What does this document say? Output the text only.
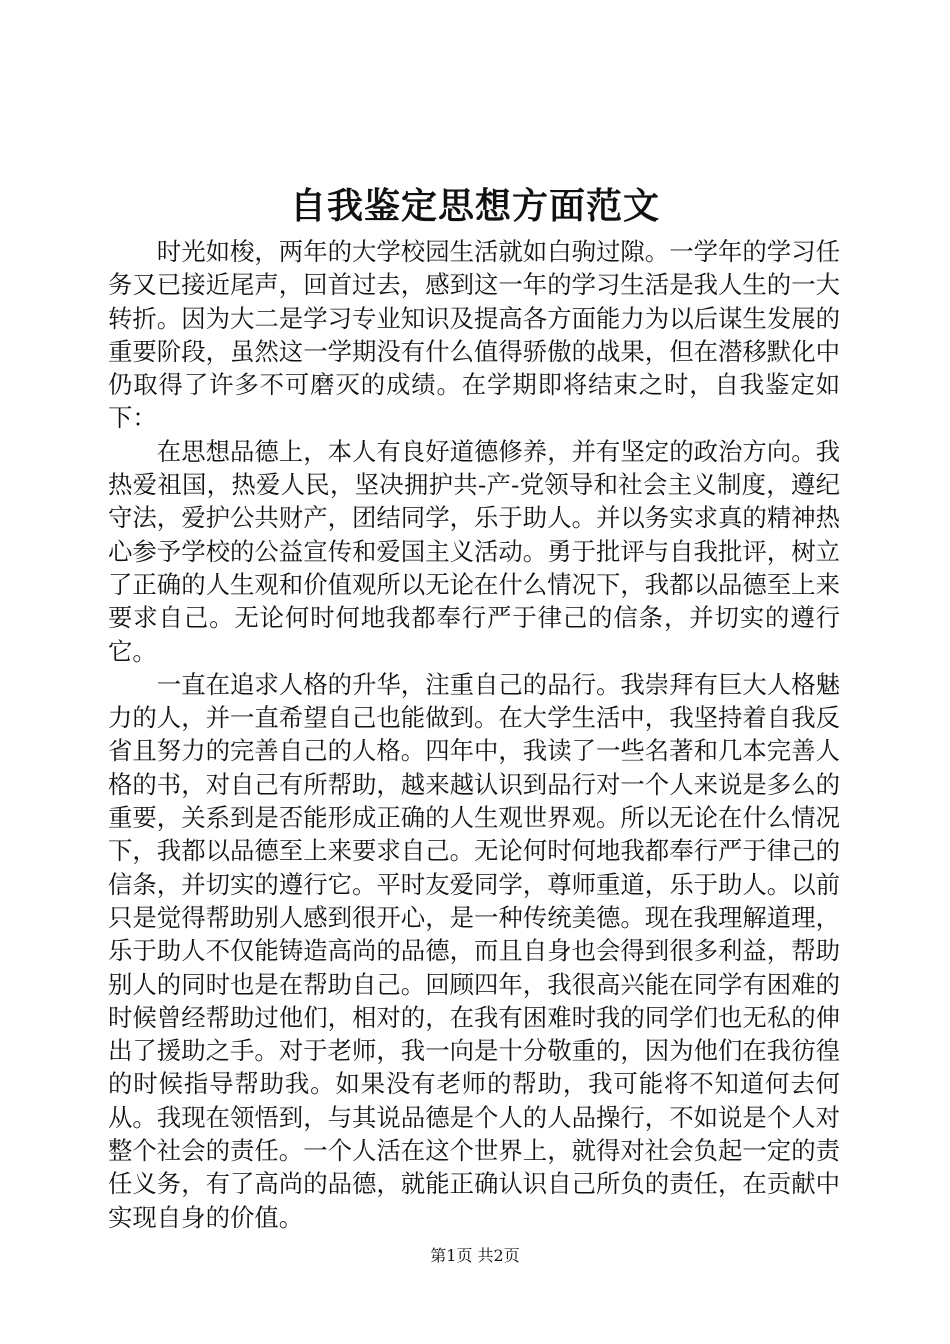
自我鉴定思想方面范文

时光如梭，两年的大学校园生活就如白驹过隙。一学年的学习任务又已接近尾声，回首过去，感到这一年的学习生活是我人生的一大转折。因为大二是学习专业知识及提高各方面能力为以后谋生发展的重要阶段，虽然这一学期没有什么值得骄傲的战果，但在潜移默化中仍取得了许多不可磨灭的成绩。在学期即将结束之时，自我鉴定如下：

在思想品德上，本人有良好道德修养，并有坚定的政治方向。我热爱祖国，热爱人民，坚决拥护共-产-党领导和社会主义制度，遵纪守法，爱护公共财产，团结同学，乐于助人。并以务实求真的精神热心参予学校的公益宣传和爱国主义活动。勇于批评与自我批评，树立了正确的人生观和价值观所以无论在什么情况下，我都以品德至上来要求自己。无论何时何地我都奉行严于律己的信条，并切实的遵行它。

一直在追求人格的升华，注重自己的品行。我崇拜有巨大人格魅力的人，并一直希望自己也能做到。在大学生活中，我坚持着自我反省且努力的完善自己的人格。四年中，我读了一些名著和几本完善人格的书，对自己有所帮助，越来越认识到品行对一个人来说是多么的重要，关系到是否能形成正确的人生观世界观。所以无论在什么情况下，我都以品德至上来要求自己。无论何时何地我都奉行严于律己的信条，并切实的遵行它。平时友爱同学，尊师重道，乐于助人。以前只是觉得帮助别人感到很开心，是一种传统美德。现在我理解道理，乐于助人不仅能铸造高尚的品德，而且自身也会得到很多利益，帮助别人的同时也是在帮助自己。回顾四年，我很高兴能在同学有困难的时候曾经帮助过他们，相对的，在我有困难时我的同学们也无私的伸出了援助之手。对于老师，我一向是十分敬重的，因为他们在我彷徨的时候指导帮助我。如果没有老师的帮助，我可能将不知道何去何从。我现在领悟到，与其说品德是个人的人品操行，不如说是个人对整个社会的责任。一个人活在这个世界上，就得对社会负起一定的责任义务，有了高尚的品德，就能正确认识自己所负的责任，在贡献中实现自身的价值。

第1页 共2页
